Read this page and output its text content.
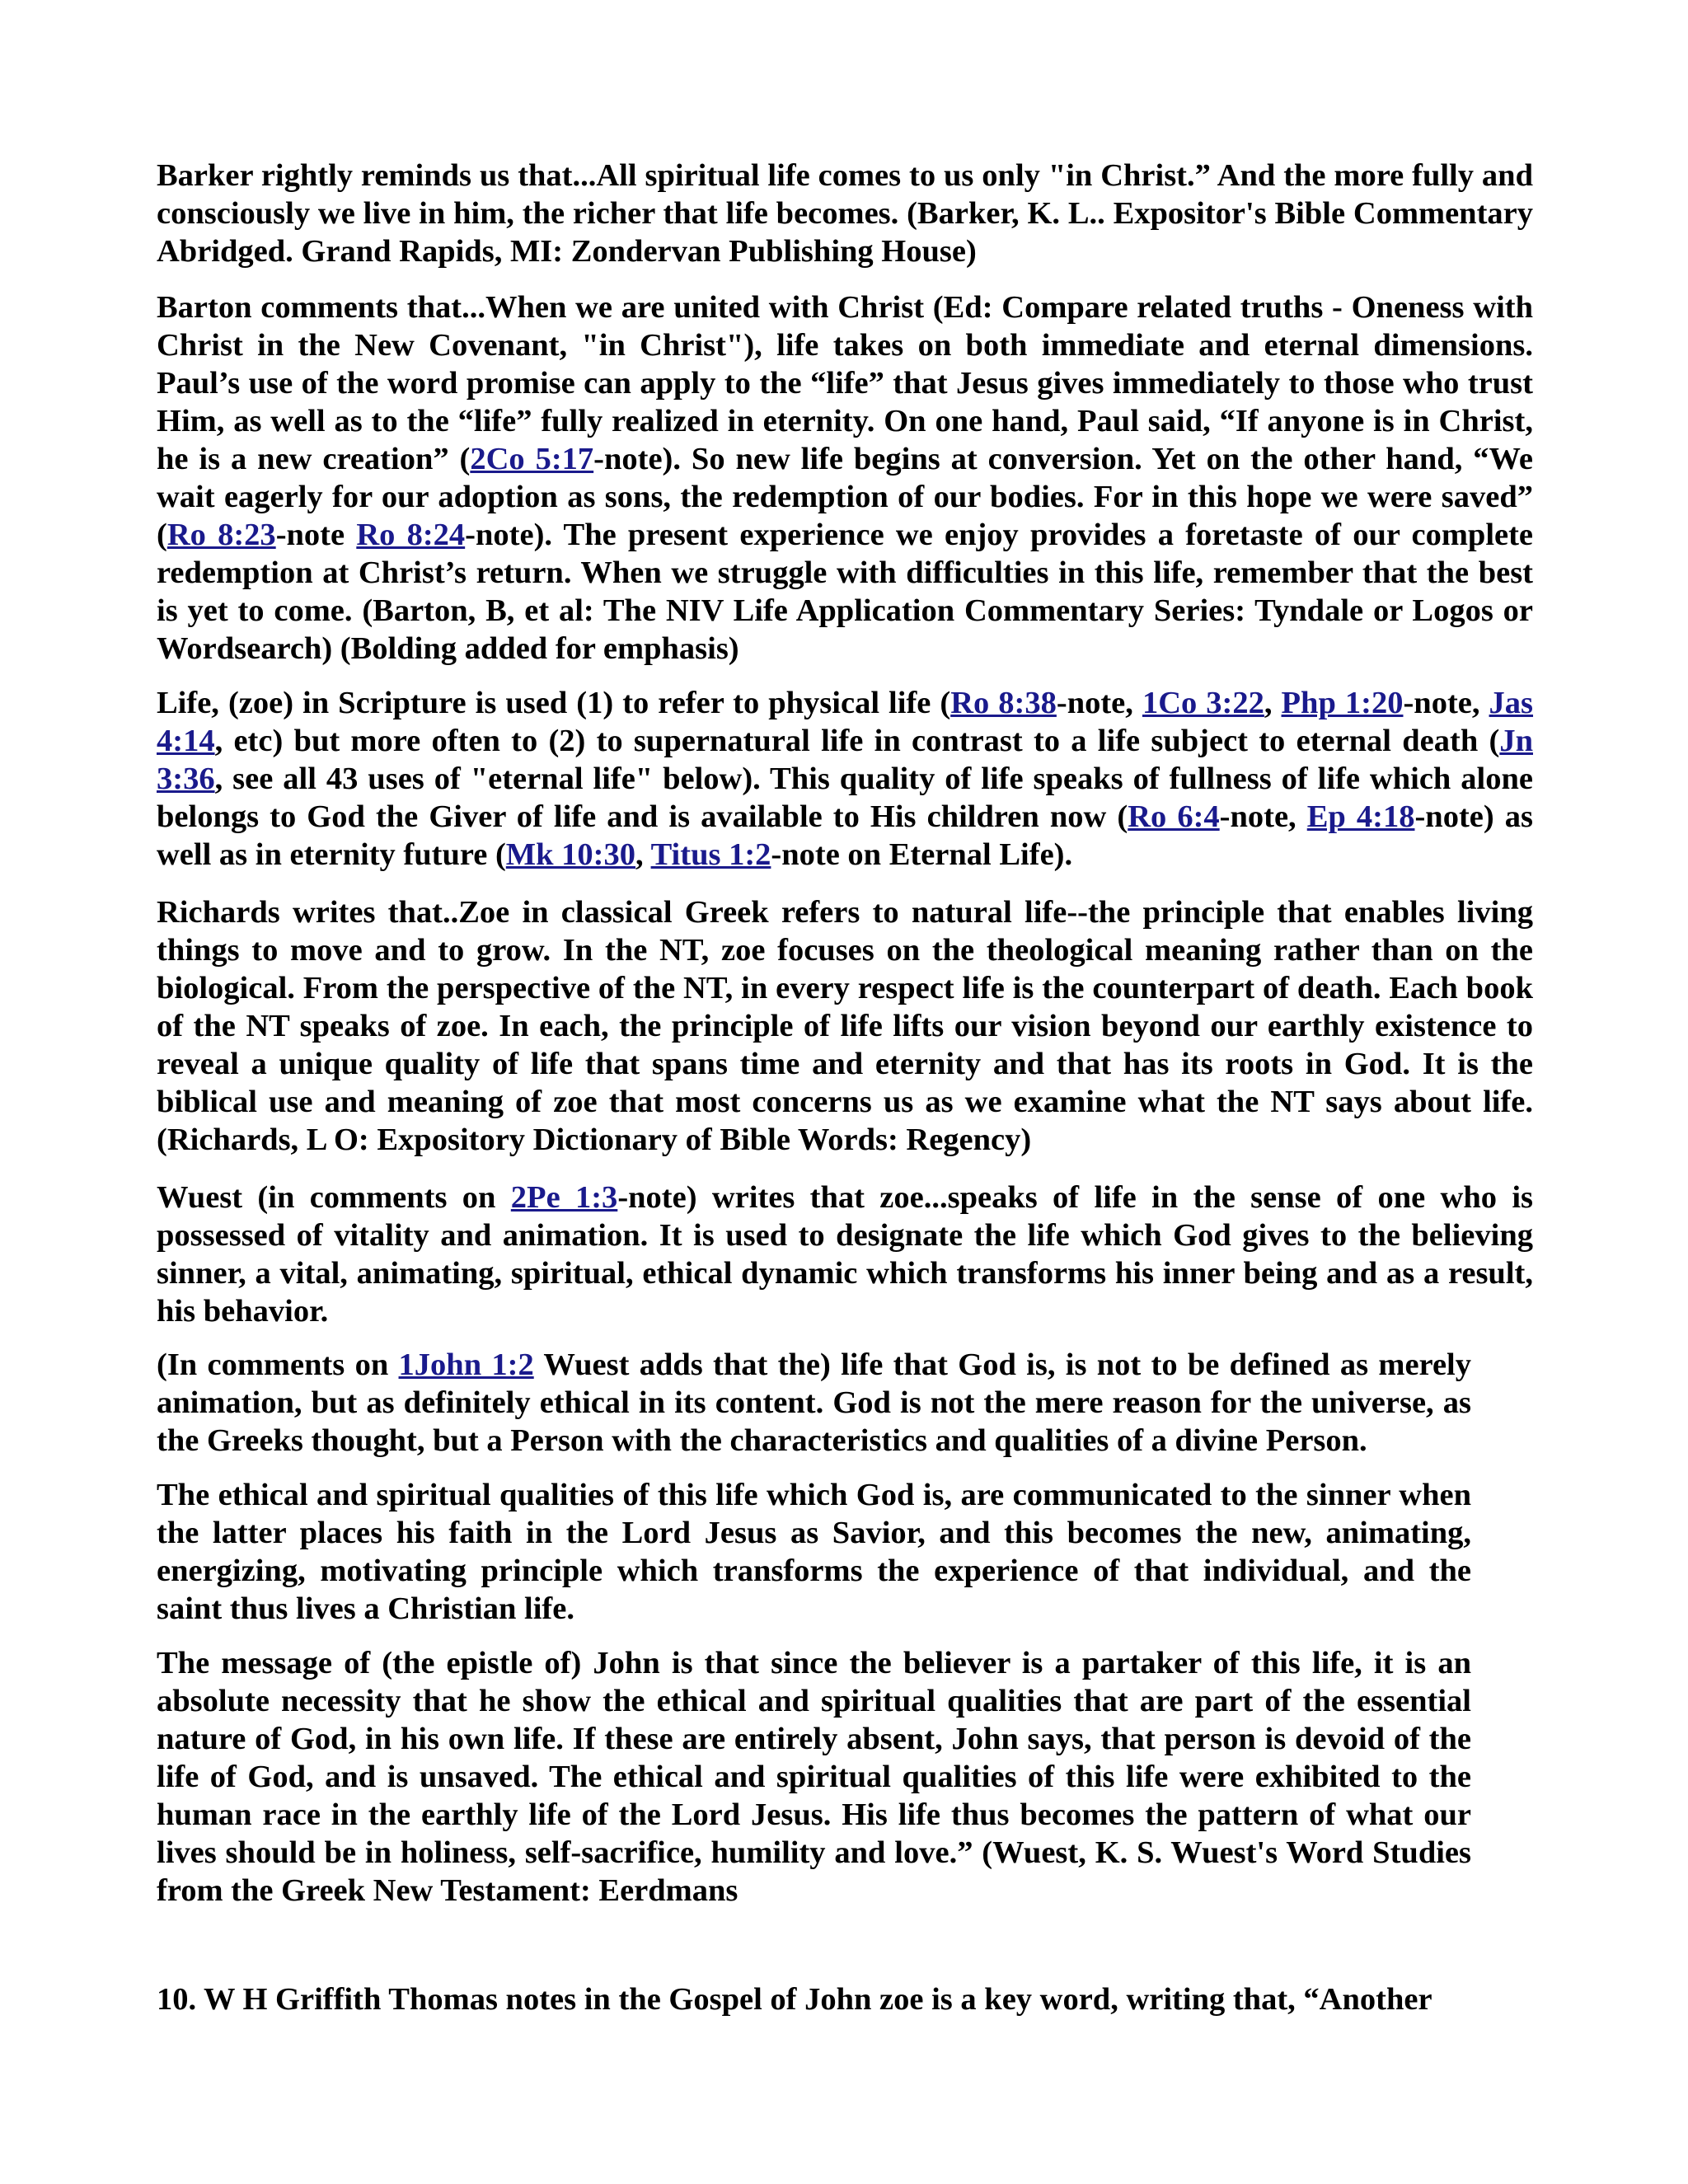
Barker rightly reminds us that...All spiritual life comes to us only "in Christ.” And the more fully and consciously we live in him, the richer that life becomes. (Barker, K. L.. Expositor's Bible Commentary Abridged. Grand Rapids, MI: Zondervan Publishing House)

Barton comments that...When we are united with Christ (Ed: Compare related truths - Oneness with Christ in the New Covenant, "in Christ"), life takes on both immediate and eternal dimensions. Paul’s use of the word promise can apply to the “life” that Jesus gives immediately to those who trust Him, as well as to the “life” fully realized in eternity. On one hand, Paul said, “If anyone is in Christ, he is a new creation” (2Co 5:17-note). So new life begins at conversion. Yet on the other hand, “We wait eagerly for our adoption as sons, the redemption of our bodies. For in this hope we were saved” (Ro 8:23-note Ro 8:24-note). The present experience we enjoy provides a foretaste of our complete redemption at Christ’s return. When we struggle with difficulties in this life, remember that the best is yet to come. (Barton, B, et al: The NIV Life Application Commentary Series: Tyndale or Logos or Wordsearch) (Bolding added for emphasis)

Life, (zoe) in Scripture is used (1) to refer to physical life (Ro 8:38-note, 1Co 3:22, Php 1:20-note, Jas 4:14, etc) but more often to (2) to supernatural life in contrast to a life subject to eternal death (Jn 3:36, see all 43 uses of "eternal life" below). This quality of life speaks of fullness of life which alone belongs to God the Giver of life and is available to His children now (Ro 6:4-note, Ep 4:18-note) as well as in eternity future (Mk 10:30, Titus 1:2-note on Eternal Life).

Richards writes that..Zoe in classical Greek refers to natural life--the principle that enables living things to move and to grow. In the NT, zoe focuses on the theological meaning rather than on the biological. From the perspective of the NT, in every respect life is the counterpart of death. Each book of the NT speaks of zoe. In each, the principle of life lifts our vision beyond our earthly existence to reveal a unique quality of life that spans time and eternity and that has its roots in God. It is the biblical use and meaning of zoe that most concerns us as we examine what the NT says about life. (Richards, L O: Expository Dictionary of Bible Words: Regency)

Wuest (in comments on 2Pe 1:3-note) writes that zoe...speaks of life in the sense of one who is possessed of vitality and animation. It is used to designate the life which God gives to the believing sinner, a vital, animating, spiritual, ethical dynamic which transforms his inner being and as a result, his behavior.

(In comments on 1John 1:2 Wuest adds that the) life that God is, is not to be defined as merely animation, but as definitely ethical in its content. God is not the mere reason for the universe, as the Greeks thought, but a Person with the characteristics and qualities of a divine Person.

The ethical and spiritual qualities of this life which God is, are communicated to the sinner when the latter places his faith in the Lord Jesus as Savior, and this becomes the new, animating, energizing, motivating principle which transforms the experience of that individual, and the saint thus lives a Christian life.

The message of (the epistle of) John is that since the believer is a partaker of this life, it is an absolute necessity that he show the ethical and spiritual qualities that are part of the essential nature of God, in his own life. If these are entirely absent, John says, that person is devoid of the life of God, and is unsaved. The ethical and spiritual qualities of this life were exhibited to the human race in the earthly life of the Lord Jesus. His life thus becomes the pattern of what our lives should be in holiness, self-sacrifice, humility and love.” (Wuest, K. S. Wuest's Word Studies from the Greek New Testament: Eerdmans

10. W H Griffith Thomas notes in the Gospel of John zoe is a key word, writing that, “Another
